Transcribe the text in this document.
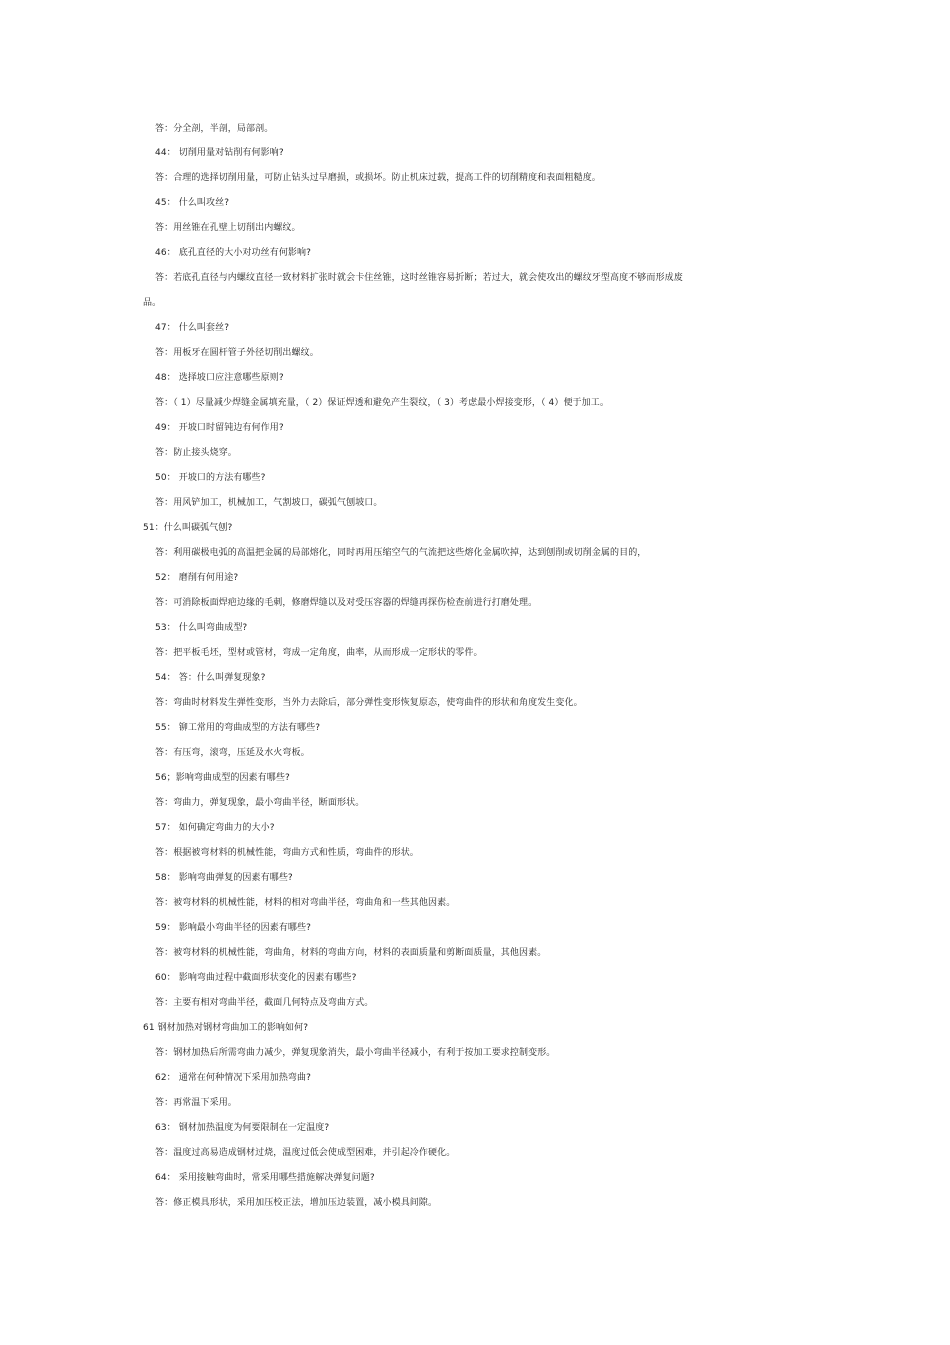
答：分全剖，半剖，局部剖。
44： 切削用量对钻削有何影响?
答：合理的选择切削用量，可防止钻头过早磨损，或损坏。防止机床过载，提高工件的切削精度和表面粗糙度。
45： 什么叫攻丝?
答：用丝锥在孔壁上切削出内螺纹。
46： 底孔直径的大小对功丝有何影响?
答：若底孔直径与内螺纹直径一致材料扩张时就会卡住丝锥，这时丝锥容易折断；若过大，就会使攻出的螺纹牙型高度不够而形成废
品。
47： 什么叫套丝?
答：用板牙在圆杆管子外径切削出螺纹。
48： 选择坡口应注意哪些原则?
答：（ 1）尽量减少焊缝金属填充量，（ 2）保证焊透和避免产生裂纹，（ 3）考虑最小焊接变形，（ 4）便于加工。
49： 开坡口时留钝边有何作用?
答：防止接头烧穿。
50： 开坡口的方法有哪些?
答：用风铲加工，机械加工，气割坡口，碳弧气刨坡口。
51：什么叫碳弧气刨?
答：利用碳极电弧的高温把金属的局部熔化，同时再用压缩空气的气流把这些熔化金属吹掉，达到刨削或切削金属的目的，
52： 磨削有何用途?
答：可消除板面焊疤边缘的毛刺，修磨焊缝以及对受压容器的焊缝再探伤检查前进行打磨处理。
53： 什么叫弯曲成型?
答：把平板毛坯，型材或管材，弯成一定角度，曲率，从而形成一定形状的零件。
54： 答：什么叫弹复现象?
答：弯曲时材料发生弹性变形，当外力去除后，部分弹性变形恢复原态，使弯曲件的形状和角度发生变化。
55： 铆工常用的弯曲成型的方法有哪些?
答：有压弯，滚弯，压延及水火弯板。
56；影响弯曲成型的因素有哪些?
答：弯曲力，弹复现象，最小弯曲半径，断面形状。
57： 如何确定弯曲力的大小?
答：根据被弯材料的机械性能，弯曲方式和性质，弯曲件的形状。
58： 影响弯曲弹复的因素有哪些?
答：被弯材料的机械性能，材料的相对弯曲半径，弯曲角和一些其他因素。
59： 影响最小弯曲半径的因素有哪些?
答：被弯材料的机械性能，弯曲角，材料的弯曲方向，材料的表面质量和剪断面质量，其他因素。
60： 影响弯曲过程中截面形状变化的因素有哪些?
答：主要有相对弯曲半径，截面几何特点及弯曲方式。
61 钢材加热对钢材弯曲加工的影响如何?
答：钢材加热后所需弯曲力减少，弹复现象消失，最小弯曲半径减小，有利于按加工要求控制变形。
62： 通常在何种情况下采用加热弯曲?
答：再常温下采用。
63： 钢材加热温度为何要限制在一定温度?
答：温度过高易造成钢材过烧，温度过低会使成型困难，并引起冷作硬化。
64： 采用接触弯曲时，常采用哪些措施解决弹复问题?
答：修正模具形状，采用加压校正法，增加压边装置，减小模具间隙。
